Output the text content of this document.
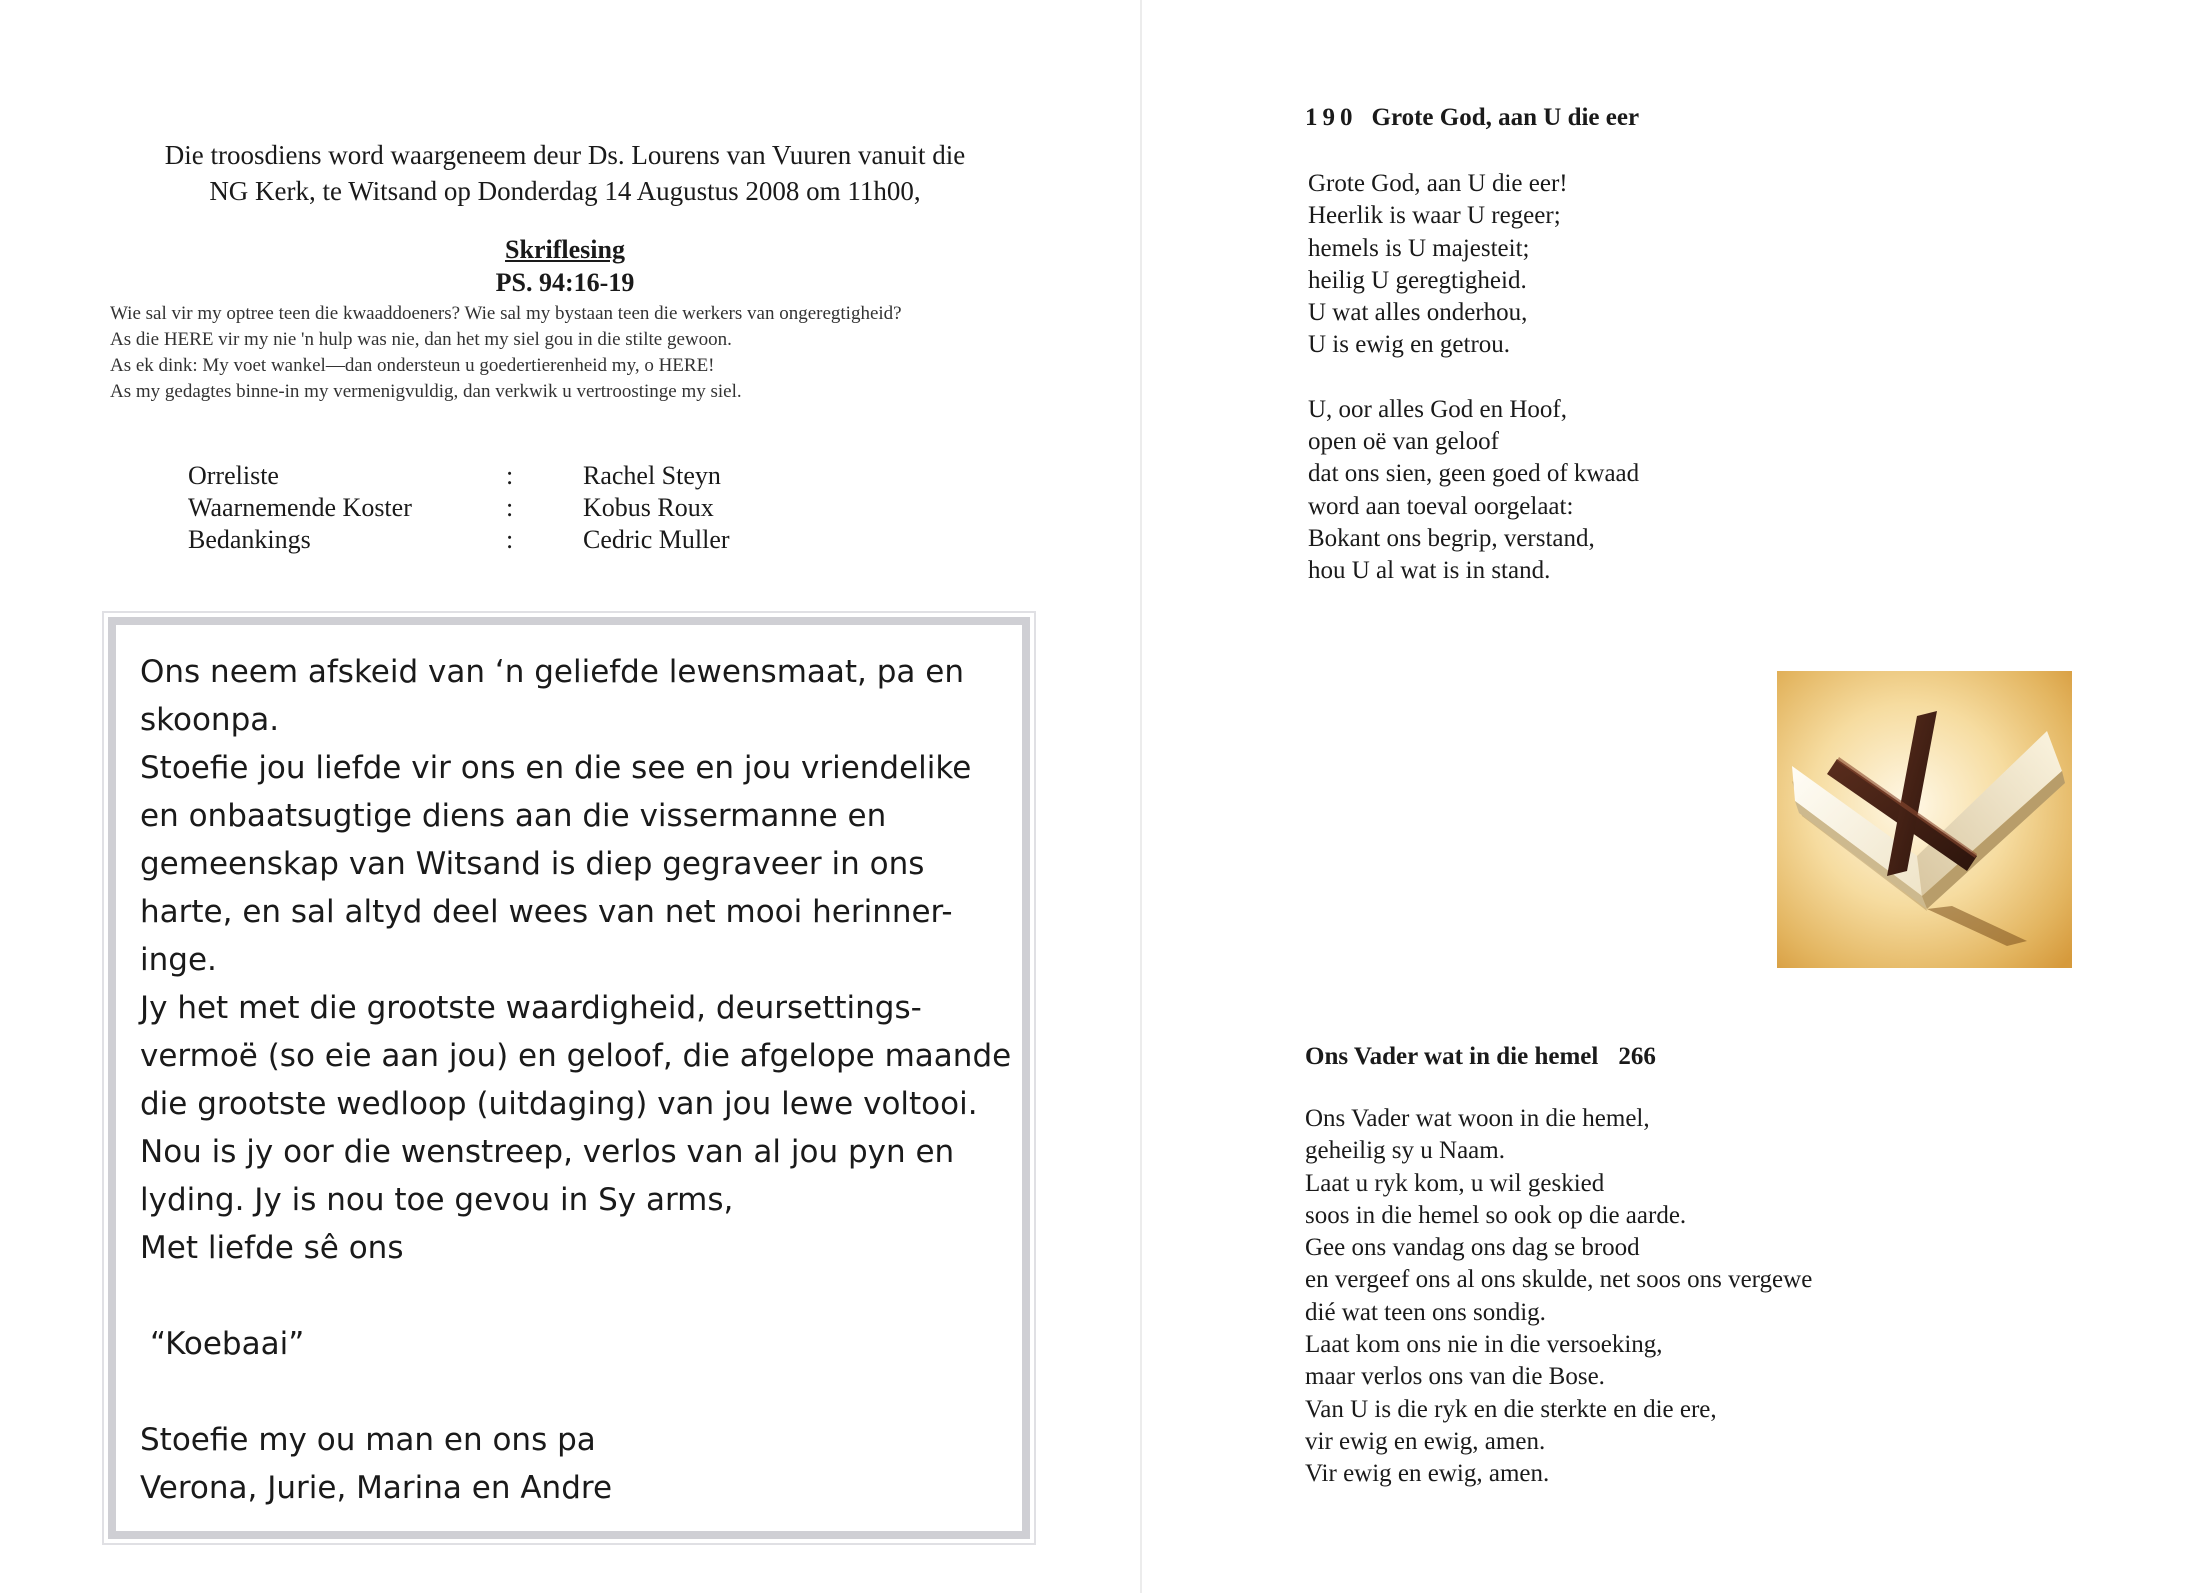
Die troosdiens word waargeneem deur Ds. Lourens van Vuuren vanuit die
NG Kerk, te Witsand op Donderdag 14 Augustus 2008 om 11h00,
Skriflesing
PS. 94:16-19
Wie sal vir my optree teen die kwaaddoeners? Wie sal my bystaan teen die werkers van ongeregtigheid?
As die HERE vir my nie 'n hulp was nie, dan het my siel gou in die stilte gewoon.
As ek dink: My voet wankel—dan ondersteun u goedertierenheid my, o HERE!
As my gedagtes binne-in my vermenigvuldig, dan verkwik u vertroostinge my siel.
Orreliste	:	Rachel Steyn
Waarnemende Koster	:	Kobus Roux
Bedankings	:	Cedric Muller
Ons neem afskeid van ‘n geliefde lewensmaat, pa en
skoonpa.
Stoefie jou liefde vir ons en die see en jou vriendelike
en onbaatsugtige diens aan die vissermanne en
gemeenskap van Witsand is diep gegraveer in ons
harte, en sal altyd deel wees van net mooi herinner-
inge.
Jy het met die grootste waardigheid, deursettings-
vermoë (so eie aan jou) en geloof, die afgelope maande
die grootste wedloop (uitdaging) van jou lewe voltooi.
Nou is jy oor die wenstreep, verlos van al jou pyn en
lyding. Jy is nou toe gevou in Sy arms,
Met liefde sê ons
“Koebaai”
Stoefie my ou man en ons pa
Verona, Jurie, Marina en Andre
190 Grote God, aan U die eer
Grote God, aan U die eer!
Heerlik is waar U regeer;
hemels is U majesteit;
heilig U geregtigheid.
U wat alles onderhou,
U is ewig en getrou.
U, oor alles God en Hoof,
open oë van geloof
dat ons sien, geen goed of kwaad
word aan toeval oorgelaat:
Bokant ons begrip, verstand,
hou U al wat is in stand.
Ons Vader wat in die hemel 266
Ons Vader wat woon in die hemel,
geheilig sy u Naam.
Laat u ryk kom, u wil geskied
soos in die hemel so ook op die aarde.
Gee ons vandag ons dag se brood
en vergeef ons al ons skulde, net soos ons vergewe
dié wat teen ons sondig.
Laat kom ons nie in die versoeking,
maar verlos ons van die Bose.
Van U is die ryk en die sterkte en die ere,
vir ewig en ewig, amen.
Vir ewig en ewig, amen.
